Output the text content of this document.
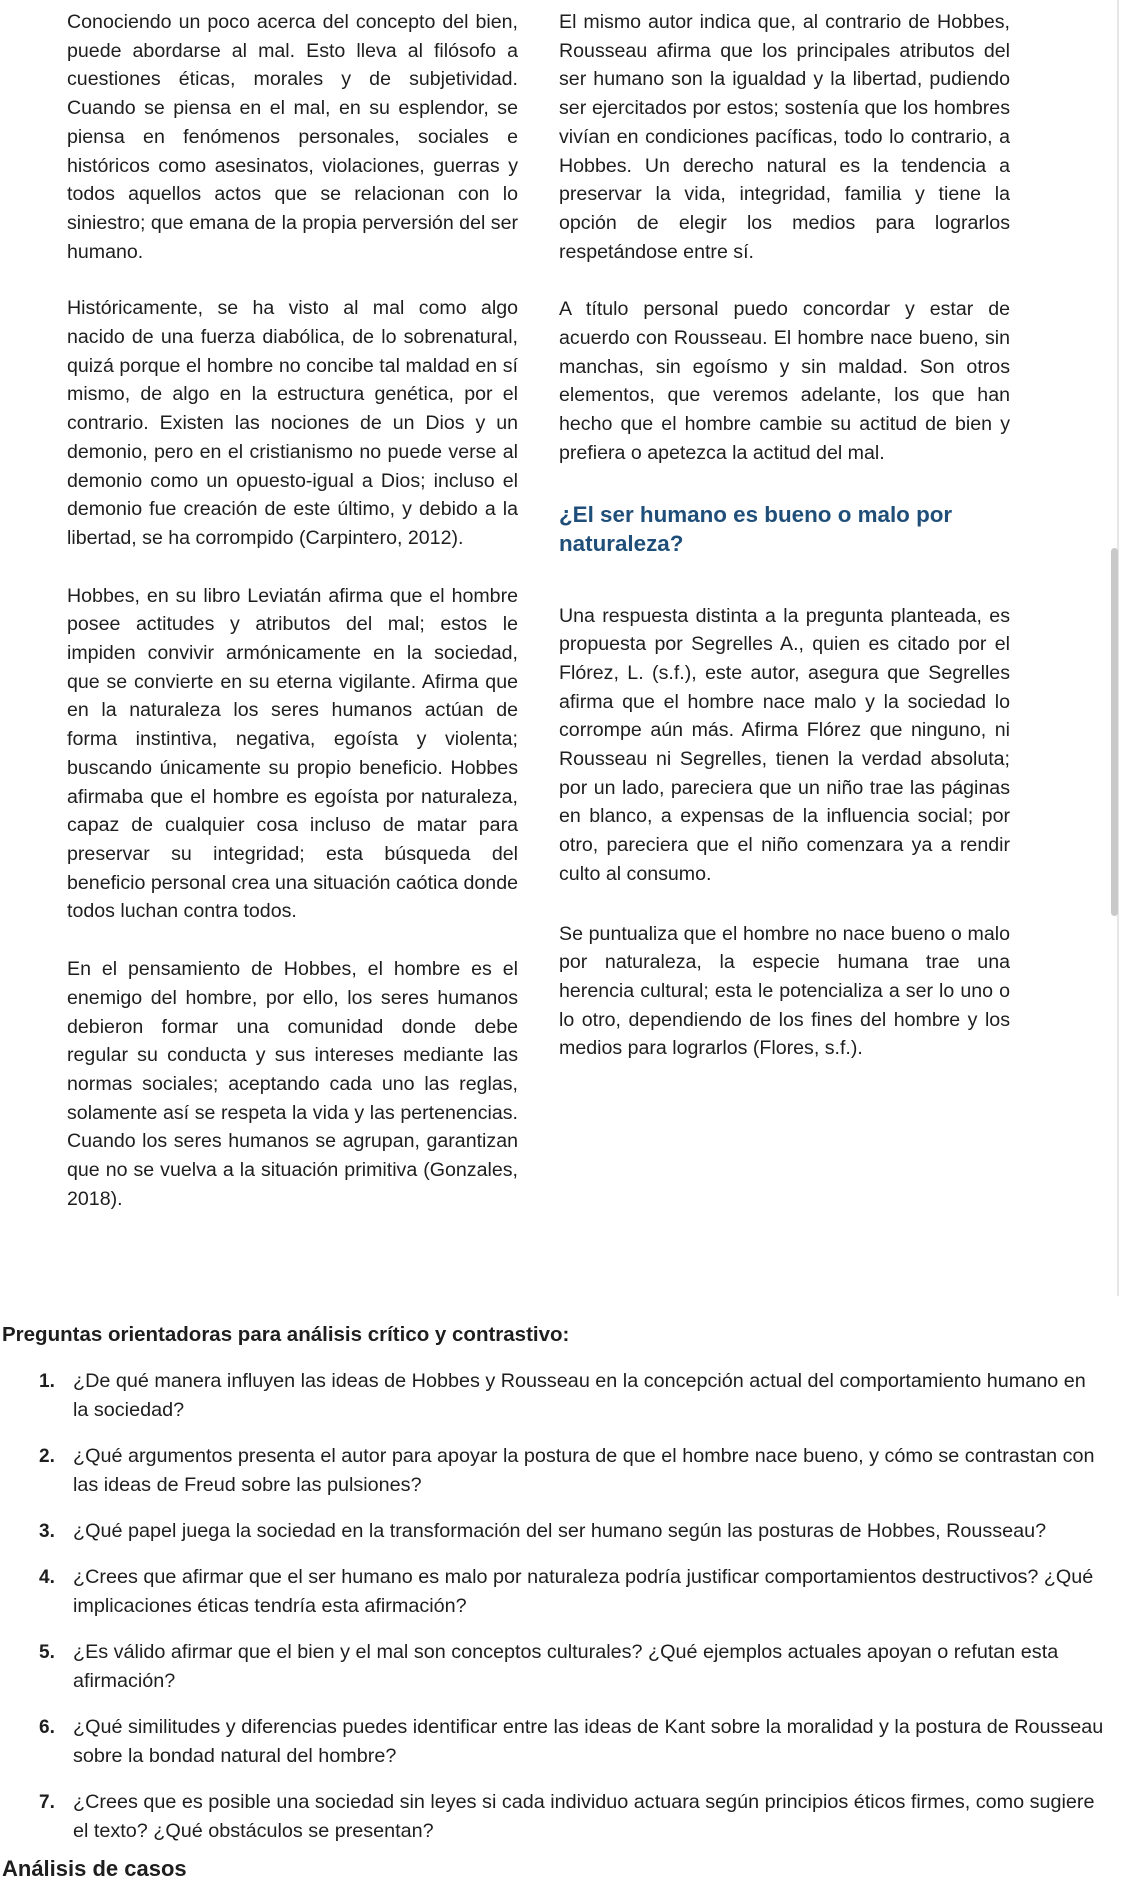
Conociendo un poco acerca del concepto del bien, puede abordarse al mal. Esto lleva al filósofo a cuestiones éticas, morales y de subjetividad. Cuando se piensa en el mal, en su esplendor, se piensa en fenómenos personales, sociales e históricos como asesinatos, violaciones, guerras y todos aquellos actos que se relacionan con lo siniestro; que emana de la propia perversión del ser humano.

Históricamente, se ha visto al mal como algo nacido de una fuerza diabólica, de lo sobrenatural, quizá porque el hombre no concibe tal maldad en sí mismo, de algo en la estructura genética, por el contrario. Existen las nociones de un Dios y un demonio, pero en el cristianismo no puede verse al demonio como un opuesto-igual a Dios; incluso el demonio fue creación de este último, y debido a la libertad, se ha corrompido (Carpintero, 2012).

Hobbes, en su libro Leviatán afirma que el hombre posee actitudes y atributos del mal; estos le impiden convivir armónicamente en la sociedad, que se convierte en su eterna vigilante. Afirma que en la naturaleza los seres humanos actúan de forma instintiva, negativa, egoísta y violenta; buscando únicamente su propio beneficio. Hobbes afirmaba que el hombre es egoísta por naturaleza, capaz de cualquier cosa incluso de matar para preservar su integridad; esta búsqueda del beneficio personal crea una situación caótica donde todos luchan contra todos.

En el pensamiento de Hobbes, el hombre es el enemigo del hombre, por ello, los seres humanos debieron formar una comunidad donde debe regular su conducta y sus intereses mediante las normas sociales; aceptando cada uno las reglas, solamente así se respeta la vida y las pertenencias. Cuando los seres humanos se agrupan, garantizan que no se vuelva a la situación primitiva (Gonzales, 2018).

El mismo autor indica que, al contrario de Hobbes, Rousseau afirma que los principales atributos del ser humano son la igualdad y la libertad, pudiendo ser ejercitados por estos; sostenía que los hombres vivían en condiciones pacíficas, todo lo contrario, a Hobbes. Un derecho natural es la tendencia a preservar la vida, integridad, familia y tiene la opción de elegir los medios para lograrlos respetándose entre sí.

A título personal puedo concordar y estar de acuerdo con Rousseau. El hombre nace bueno, sin manchas, sin egoísmo y sin maldad. Son otros elementos, que veremos adelante, los que han hecho que el hombre cambie su actitud de bien y prefiera o apetezca la actitud del mal.

¿El ser humano es bueno o malo por naturaleza?

Una respuesta distinta a la pregunta planteada, es propuesta por Segrelles A., quien es citado por el Flórez, L. (s.f.), este autor, asegura que Segrelles afirma que el hombre nace malo y la sociedad lo corrompe aún más. Afirma Flórez que ninguno, ni Rousseau ni Segrelles, tienen la verdad absoluta; por un lado, pareciera que un niño trae las páginas en blanco, a expensas de la influencia social; por otro, pareciera que el niño comenzara ya a rendir culto al consumo.

Se puntualiza que el hombre no nace bueno o malo por naturaleza, la especie humana trae una herencia cultural; esta le potencializa a ser lo uno o lo otro, dependiendo de los fines del hombre y los medios para lograrlos (Flores, s.f.).

Preguntas orientadoras para análisis crítico y contrastivo:
1. ¿De qué manera influyen las ideas de Hobbes y Rousseau en la concepción actual del comportamiento humano en la sociedad?
2. ¿Qué argumentos presenta el autor para apoyar la postura de que el hombre nace bueno, y cómo se contrastan con las ideas de Freud sobre las pulsiones?
3. ¿Qué papel juega la sociedad en la transformación del ser humano según las posturas de Hobbes, Rousseau?
4. ¿Crees que afirmar que el ser humano es malo por naturaleza podría justificar comportamientos destructivos? ¿Qué implicaciones éticas tendría esta afirmación?
5. ¿Es válido afirmar que el bien y el mal son conceptos culturales? ¿Qué ejemplos actuales apoyan o refutan esta afirmación?
6. ¿Qué similitudes y diferencias puedes identificar entre las ideas de Kant sobre la moralidad y la postura de Rousseau sobre la bondad natural del hombre?
7. ¿Crees que es posible una sociedad sin leyes si cada individuo actuara según principios éticos firmes, como sugiere el texto? ¿Qué obstáculos se presentan?
Análisis de casos
